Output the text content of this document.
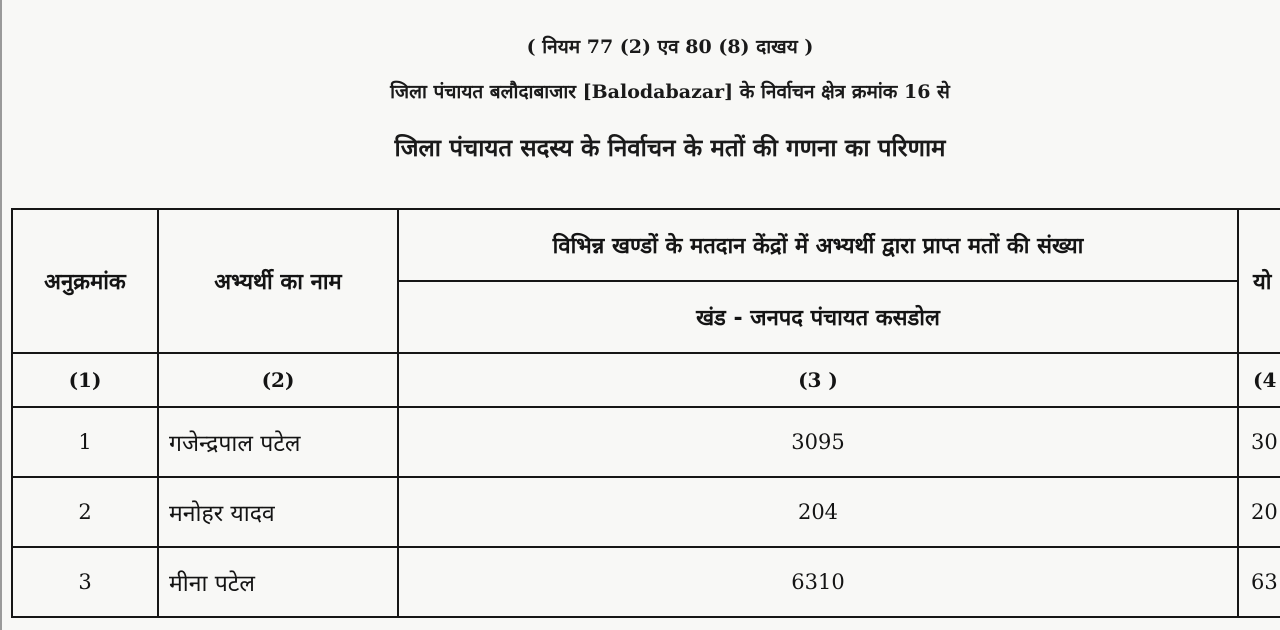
( नियम 77 (2) एव 80 (8) दाखय )
जिला पंचायत बलौदाबाजार [Balodabazar] के निर्वाचन क्षेत्र क्रमांक 16 से
जिला पंचायत सदस्य के निर्वाचन के मतों की गणना का परिणाम
अनुक्रमांक	अभ्यर्थी का नाम	विभिन्न खण्डों के मतदान केंद्रों में अभ्यर्थी द्वारा प्राप्त मतों की संख्या	यो
		खंड - जनपद पंचायत कसडोल	
(1)	(2)	(3 )	(4
1	गजेन्द्रपाल पटेल	3095	30
2	मनोहर यादव	204	20
3	मीना पटेल	6310	63
